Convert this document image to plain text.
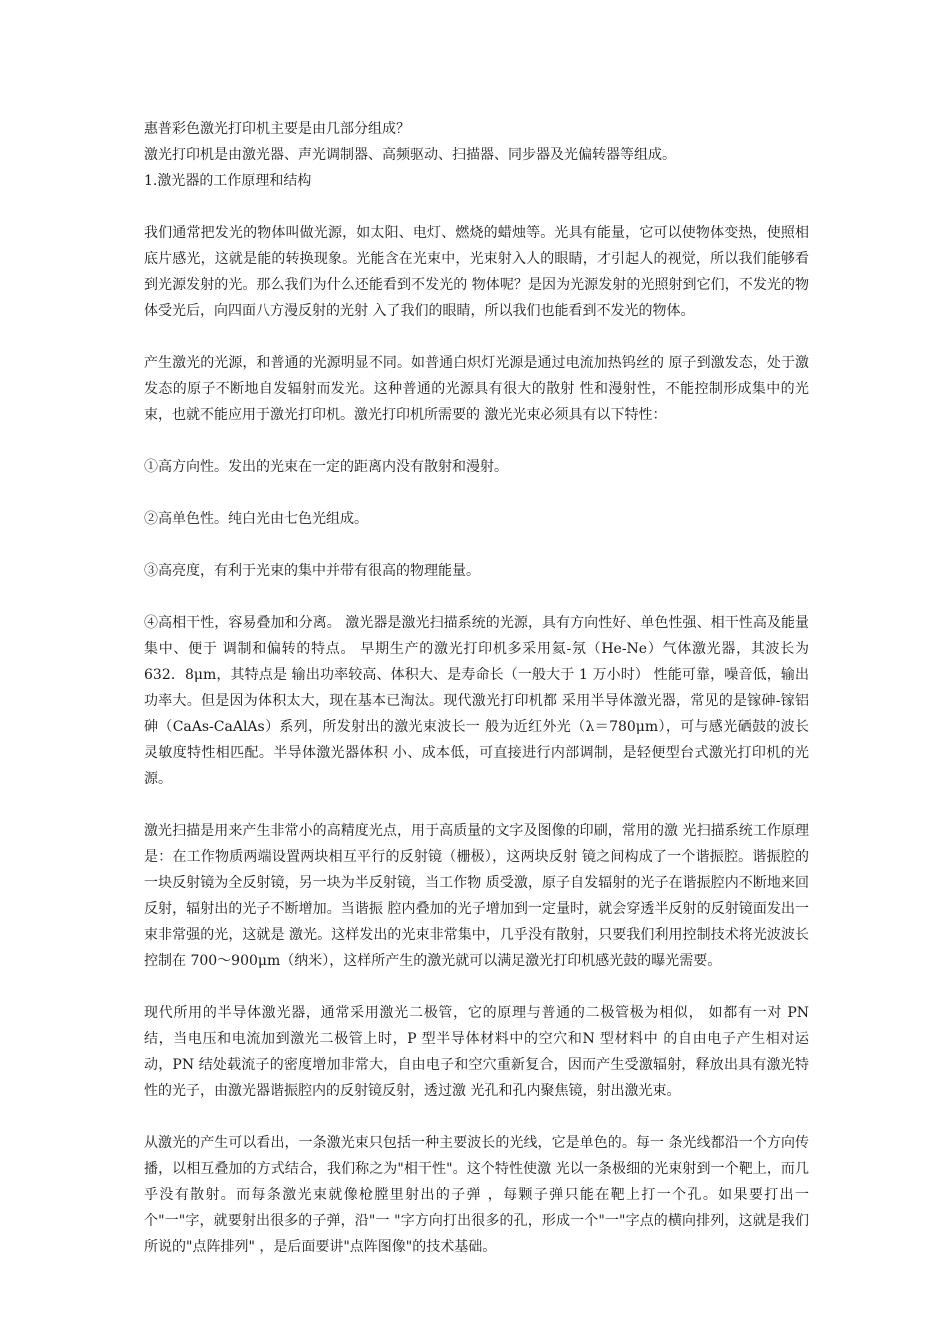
惠普彩色激光打印机主要是由几部分组成？

激光打印机是由激光器、声光调制器、高频驱动、扫描器、同步器及光偏转器等组成。

1.激光器的工作原理和结构

我们通常把发光的物体叫做光源，如太阳、电灯、燃烧的蜡烛等。光具有能量，它可以使物体变热，使照相底片感光，这就是能的转换现象。光能含在光束中，光束射入人的眼睛，才引起人的视觉，所以我们能够看到光源发射的光。那么我们为什么还能看到不发光的 物体呢？是因为光源发射的光照射到它们，不发光的物体受光后，向四面八方漫反射的光射 入了我们的眼睛，所以我们也能看到不发光的物体。

产生激光的光源，和普通的光源明显不同。如普通白炽灯光源是通过电流加热钨丝的 原子到激发态，处于激发态的原子不断地自发辐射而发光。这种普通的光源具有很大的散射 性和漫射性，不能控制形成集中的光束，也就不能应用于激光打印机。激光打印机所需要的 激光光束必须具有以下特性：

①高方向性。发出的光束在一定的距离内没有散射和漫射。

②高单色性。纯白光由七色光组成。

③高亮度，有利于光束的集中并带有很高的物理能量。

④高相干性，容易叠加和分离。 激光器是激光扫描系统的光源，具有方向性好、单色性强、相干性高及能量集中、便于 调制和偏转的特点。 早期生产的激光打印机多采用氦-氖（He-Ne）气体激光器，其波长为632．8μm，其特点是 输出功率较高、体积大、是寿命长（一般大于 1 万小时） 性能可靠，噪音低，输出功率大。但是因为体积太大，现在基本已淘汰。现代激光打印机都 采用半导体激光器，常见的是镓砷-镓铝砷（CaAs-CaAlAs）系列，所发射出的激光束波长一 般为近红外光（λ＝780μm），可与感光硒鼓的波长灵敏度特性相匹配。半导体激光器体积 小、成本低，可直接进行内部调制，是轻便型台式激光打印机的光源。

激光扫描是用来产生非常小的高精度光点，用于高质量的文字及图像的印刷，常用的激 光扫描系统工作原理是：在工作物质两端设置两块相互平行的反射镜（栅极），这两块反射 镜之间构成了一个谐振腔。谐振腔的一块反射镜为全反射镜，另一块为半反射镜，当工作物 质受激，原子自发辐射的光子在谐振腔内不断地来回反射，辐射出的光子不断增加。当谐振 腔内叠加的光子增加到一定量时，就会穿透半反射的反射镜面发出一束非常强的光，这就是 激光。这样发出的光束非常集中，几乎没有散射，只要我们利用控制技术将光波波长控制在 700～900μm（纳米），这样所产生的激光就可以满足激光打印机感光鼓的曝光需要。

现代所用的半导体激光器，通常采用激光二极管，它的原理与普通的二极管极为相似， 如都有一对 PN 结，当电压和电流加到激光二极管上时，P 型半导体材料中的空穴和N 型材料中 的自由电子产生相对运动，PN 结处载流子的密度增加非常大，自由电子和空穴重新复合，因而产生受激辐射，释放出具有激光特性的光子，由激光器谐振腔内的反射镜反射，透过激 光孔和孔内聚焦镜，射出激光束。

从激光的产生可以看出，一条激光束只包括一种主要波长的光线，它是单色的。每一 条光线都沿一个方向传播，以相互叠加的方式结合，我们称之为"相干性"。这个特性使激 光以一条极细的光束射到一个靶上，而几乎没有散射。而每条激光束就像枪膛里射出的子弹 ，每颗子弹只能在靶上打一个孔。如果要打出一个"一"字，就要射出很多的子弹，沿"一 "字方向打出很多的孔，形成一个"一"字点的横向排列，这就是我们所说的"点阵排列" ，是后面要讲"点阵图像"的技术基础。
